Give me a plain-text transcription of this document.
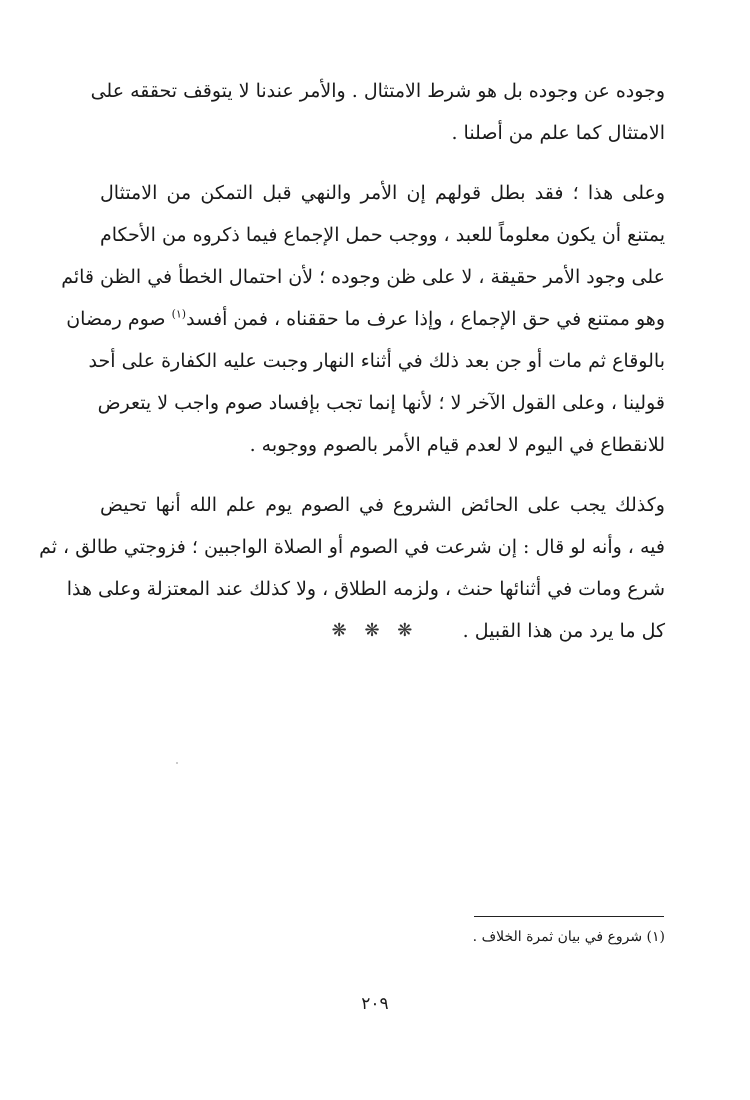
وجوده عن وجوده بل هو شرط الامتثال . والأمر عندنا لا يتوقف تحققه على
الامتثال كما علم من أصلنا .

وعلى هذا ؛ فقد بطل قولهم إن الأمر والنهي قبل التمكن من الامتثال
يمتنع أن يكون معلوماً للعبد ، ووجب حمل الإجماع فيما ذكروه من الأحكام
على وجود الأمر حقيقة ، لا على ظن وجوده ؛ لأن احتمال الخطأ في الظن قائم
وهو ممتنع في حق الإجماع ، وإذا عرف ما حققناه ، فمن أفسد$^{(١)}$ صوم رمضان
بالوقاع ثم مات أو جن بعد ذلك في أثناء النهار وجبت عليه الكفارة على أحد
قولينا ، وعلى القول الآخر لا ؛ لأنها إنما تجب بإفساد صوم واجب لا يتعرض
للانقطاع في اليوم لا لعدم قيام الأمر بالصوم ووجوبه .

وكذلك يجب على الحائض الشروع في الصوم يوم علم الله أنها تحيض
فيه ، وأنه لو قال : إن شرعت في الصوم أو الصلاة الواجبين ؛ فزوجتي طالق ، ثم
شرع ومات في أثنائها حنث ، ولزمه الطلاق ، ولا كذلك عند المعتزلة وعلى هذا
كل ما يرد من هذا القبيل .

❋ ❋ ❋
(١) شروع في بيان ثمرة الخلاف .
٢٠٩
